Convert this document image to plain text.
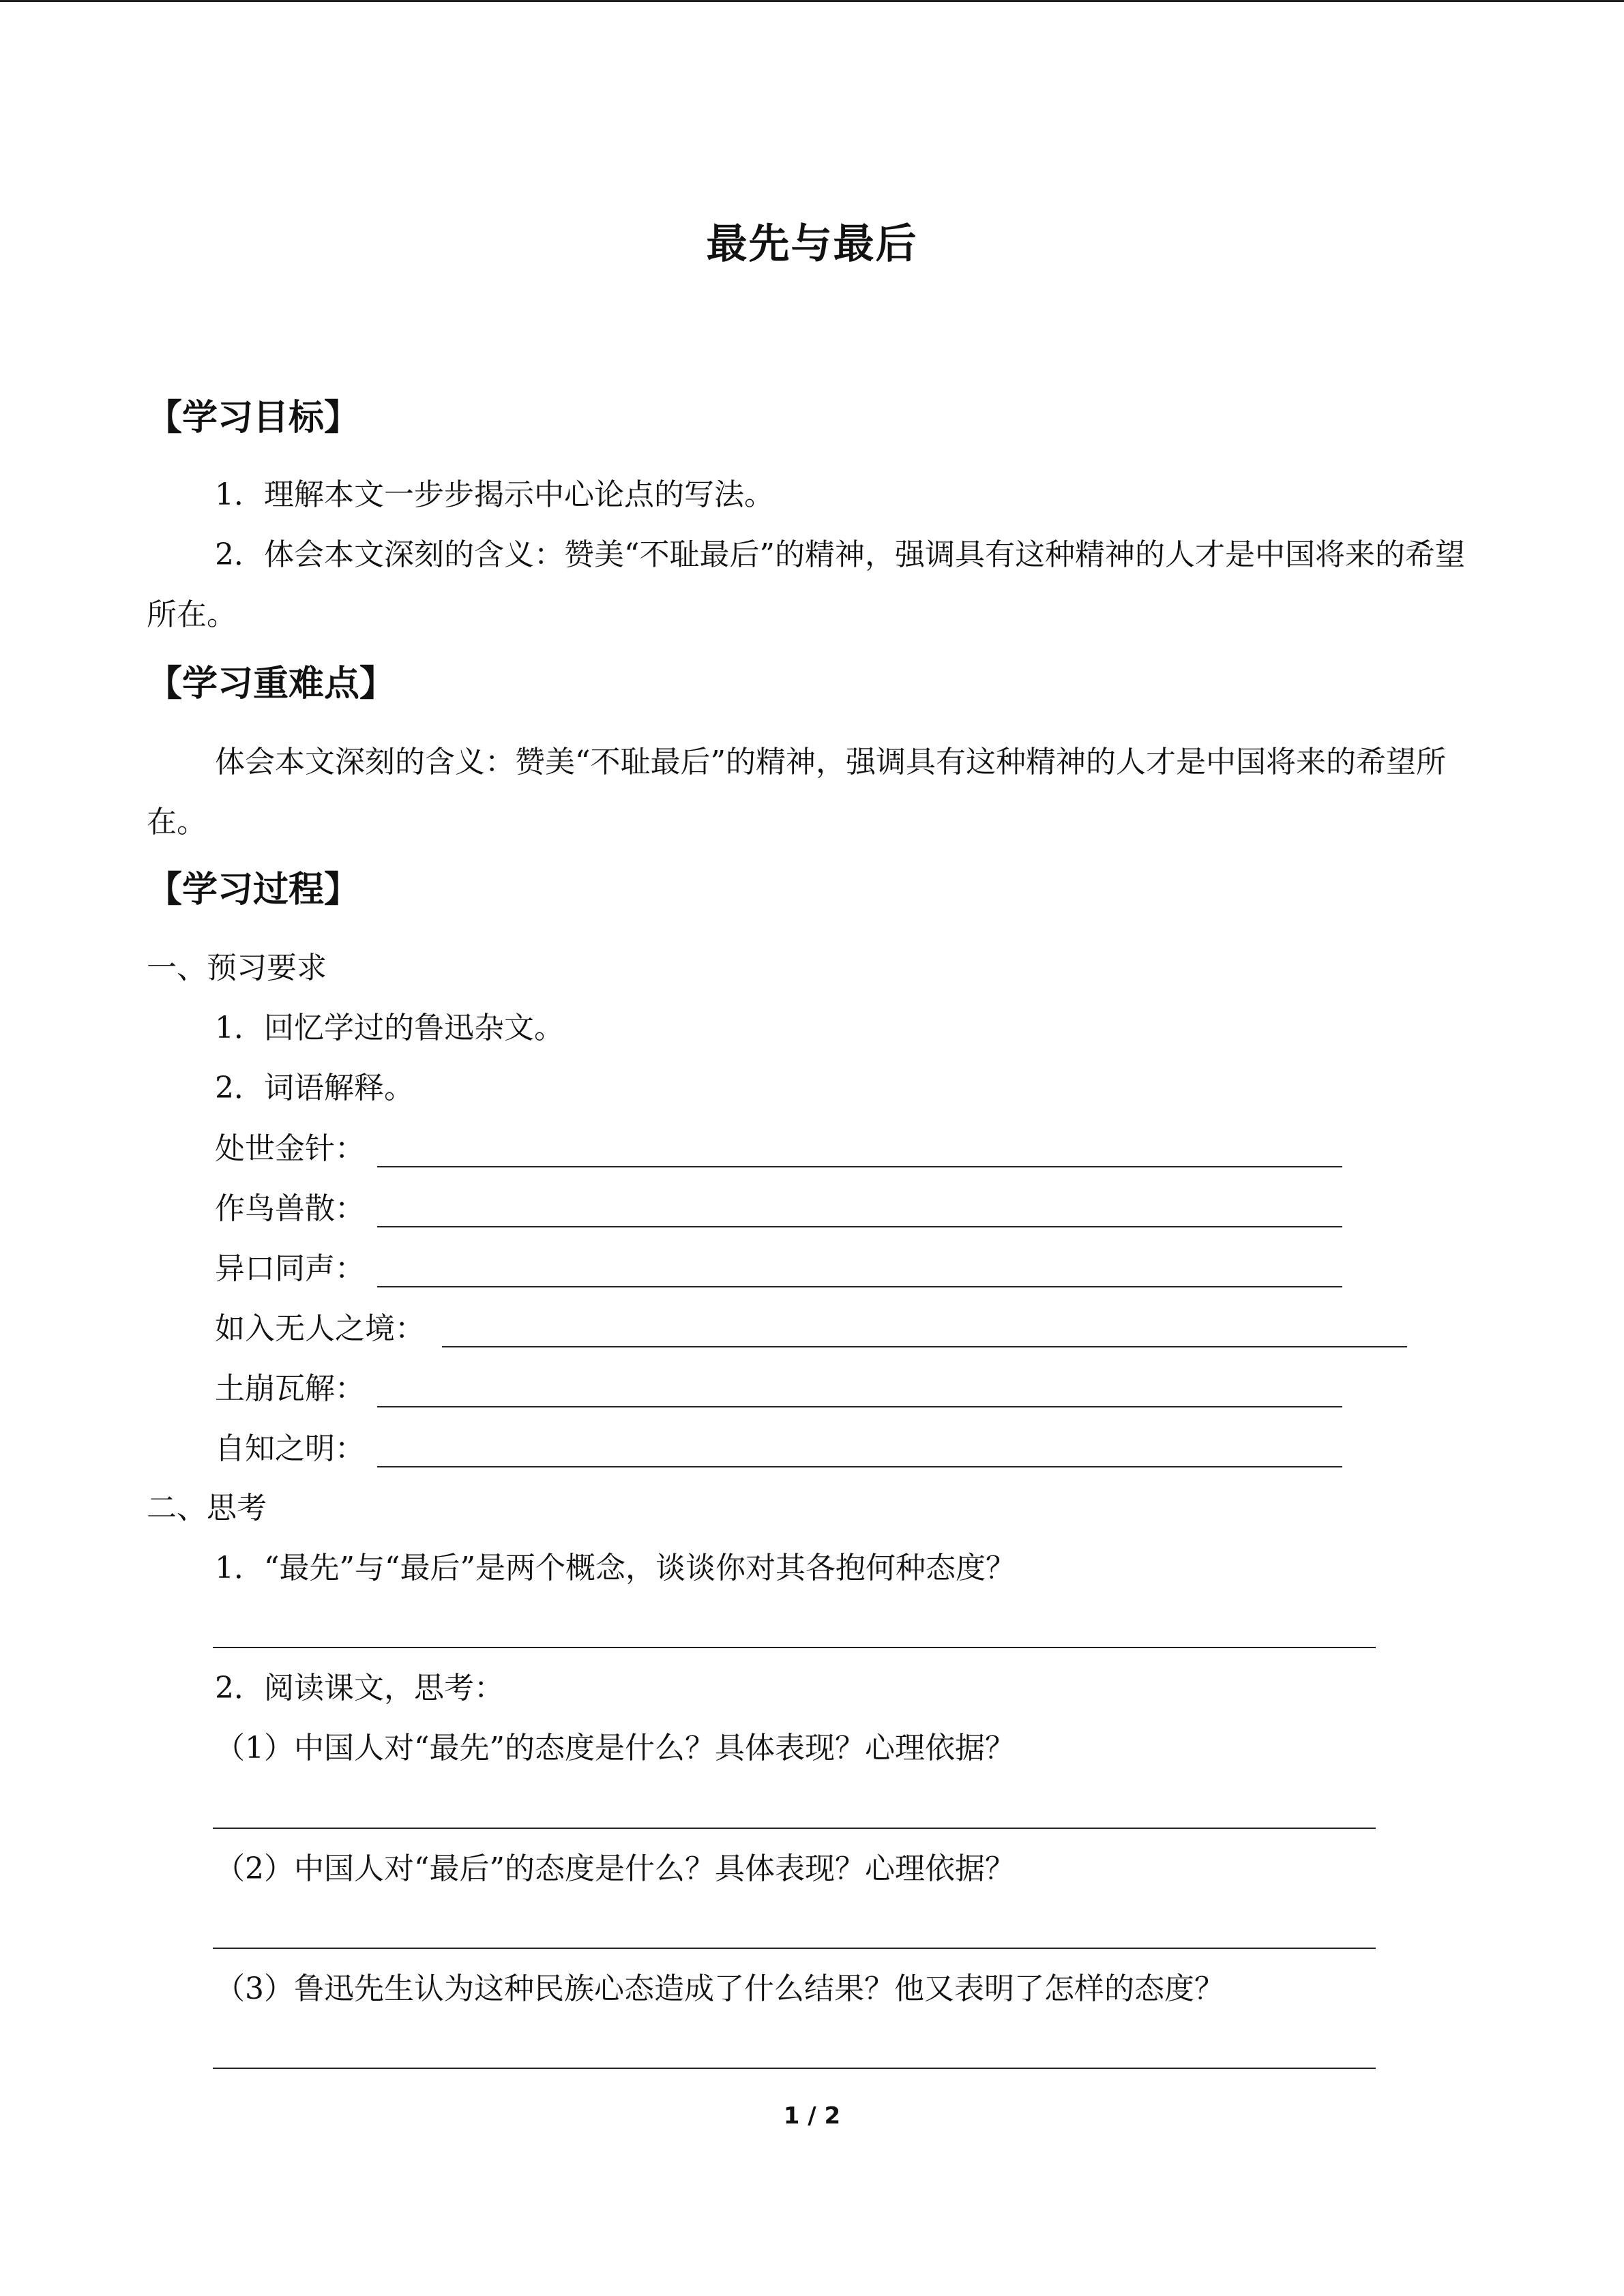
最先与最后
【学习目标】
1．理解本文一步步揭示中心论点的写法。
2．体会本文深刻的含义：赞美“不耻最后”的精神，强调具有这种精神的人才是中国将来的希望所在。
【学习重难点】
体会本文深刻的含义：赞美“不耻最后”的精神，强调具有这种精神的人才是中国将来的希望所在。
【学习过程】
一、预习要求
1．回忆学过的鲁迅杂文。
2．词语解释。
处世金针：
作鸟兽散：
异口同声：
如入无人之境：
土崩瓦解：
自知之明：
二、思考
1．“最先”与“最后”是两个概念，谈谈你对其各抱何种态度？
2．阅读课文，思考：
（1）中国人对“最先”的态度是什么？具体表现？心理依据？
（2）中国人对“最后”的态度是什么？具体表现？心理依据？
（3）鲁迅先生认为这种民族心态造成了什么结果？他又表明了怎样的态度？
1 / 2
